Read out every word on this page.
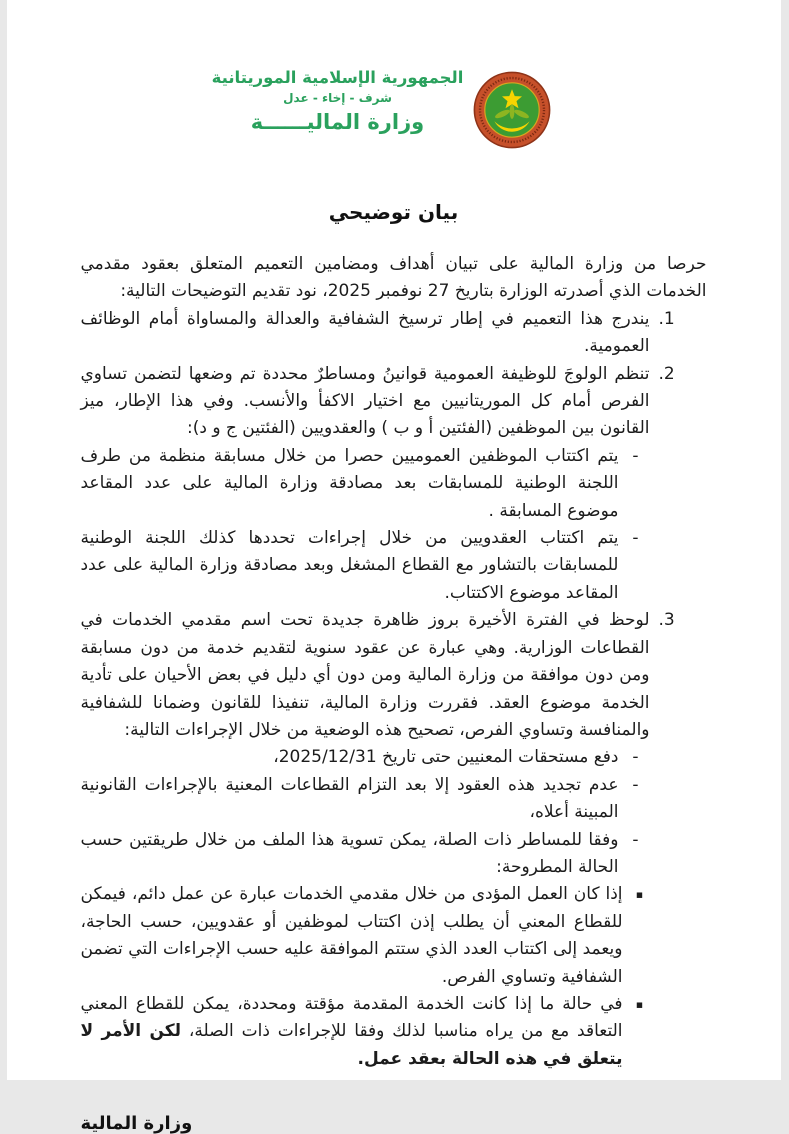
الجمهورية الإسلامية الموريتانية
شرف - إخاء - عدل
وزارة الماليــــــة
بيان توضيحي

حرصا من وزارة المالية على تبيان أهداف ومضامين التعميم المتعلق بعقود مقدمي الخدمات الذي أصدرته الوزارة بتاريخ 27 نوفمبر 2025، نود تقديم التوضيحات التالية:

.1
يندرج هذا التعميم في إطار ترسيخ الشفافية والعدالة والمساواة أمام الوظائف العمومية.
.2
تنظم الولوجَ للوظيفة العمومية قوانينُ ومساطرٌ محددة تم وضعها لتضمن تساوي الفرص أمام كل الموريتانيين مع اختيار الاكفأ والأنسب. وفي هذا الإطار، ميز القانون بين الموظفين (الفئتين أ و ب ) والعقدويين (الفئتين ج و د):
-
يتم اكتتاب الموظفين العموميين حصرا من خلال مسابقة منظمة من طرف اللجنة الوطنية للمسابقات بعد مصادقة وزارة المالية على عدد المقاعد موضوع المسابقة .
-
يتم اكتتاب العقدويين من خلال إجراءات تحددها كذلك اللجنة الوطنية للمسابقات بالتشاور مع القطاع المشغل وبعد مصادقة وزارة المالية على عدد المقاعد موضوع الاكتتاب.
.3
لوحظ في الفترة الأخيرة بروز ظاهرة جديدة تحت اسم مقدمي الخدمات في القطاعات الوزارية. وهي عبارة عن عقود سنوية لتقديم خدمة من دون مسابقة ومن دون موافقة من وزارة المالية ومن دون أي دليل في بعض الأحيان على تأدية الخدمة موضوع العقد. فقررت وزارة المالية، تنفيذا للقانون وضمانا للشفافية والمنافسة وتساوي الفرص، تصحيح هذه الوضعية من خلال الإجراءات التالية:
-
دفع مستحقات المعنيين حتى تاريخ 2025/12/31،
-
عدم تجديد هذه العقود إلا بعد التزام القطاعات المعنية بالإجراءات القانونية المبينة أعلاه،
-
وفقا للمساطر ذات الصلة، يمكن تسوية هذا الملف من خلال طريقتين حسب الحالة المطروحة:
▪
إذا كان العمل المؤدى من خلال مقدمي الخدمات عبارة عن عمل دائم، فيمكن للقطاع المعني أن يطلب إذن اكتتاب لموظفين أو عقدويين، حسب الحاجة، ويعمد إلى اكتتاب العدد الذي ستتم الموافقة عليه حسب الإجراءات التي تضمن الشفافية وتساوي الفرص.
▪
في حالة ما إذا كانت الخدمة المقدمة مؤقتة ومحددة، يمكن للقطاع المعني التعاقد مع من يراه مناسبا لذلك وفقا للإجراءات ذات الصلة، لكن الأمر لا يتعلق في هذه الحالة بعقد عمل.
وزارة المالية
